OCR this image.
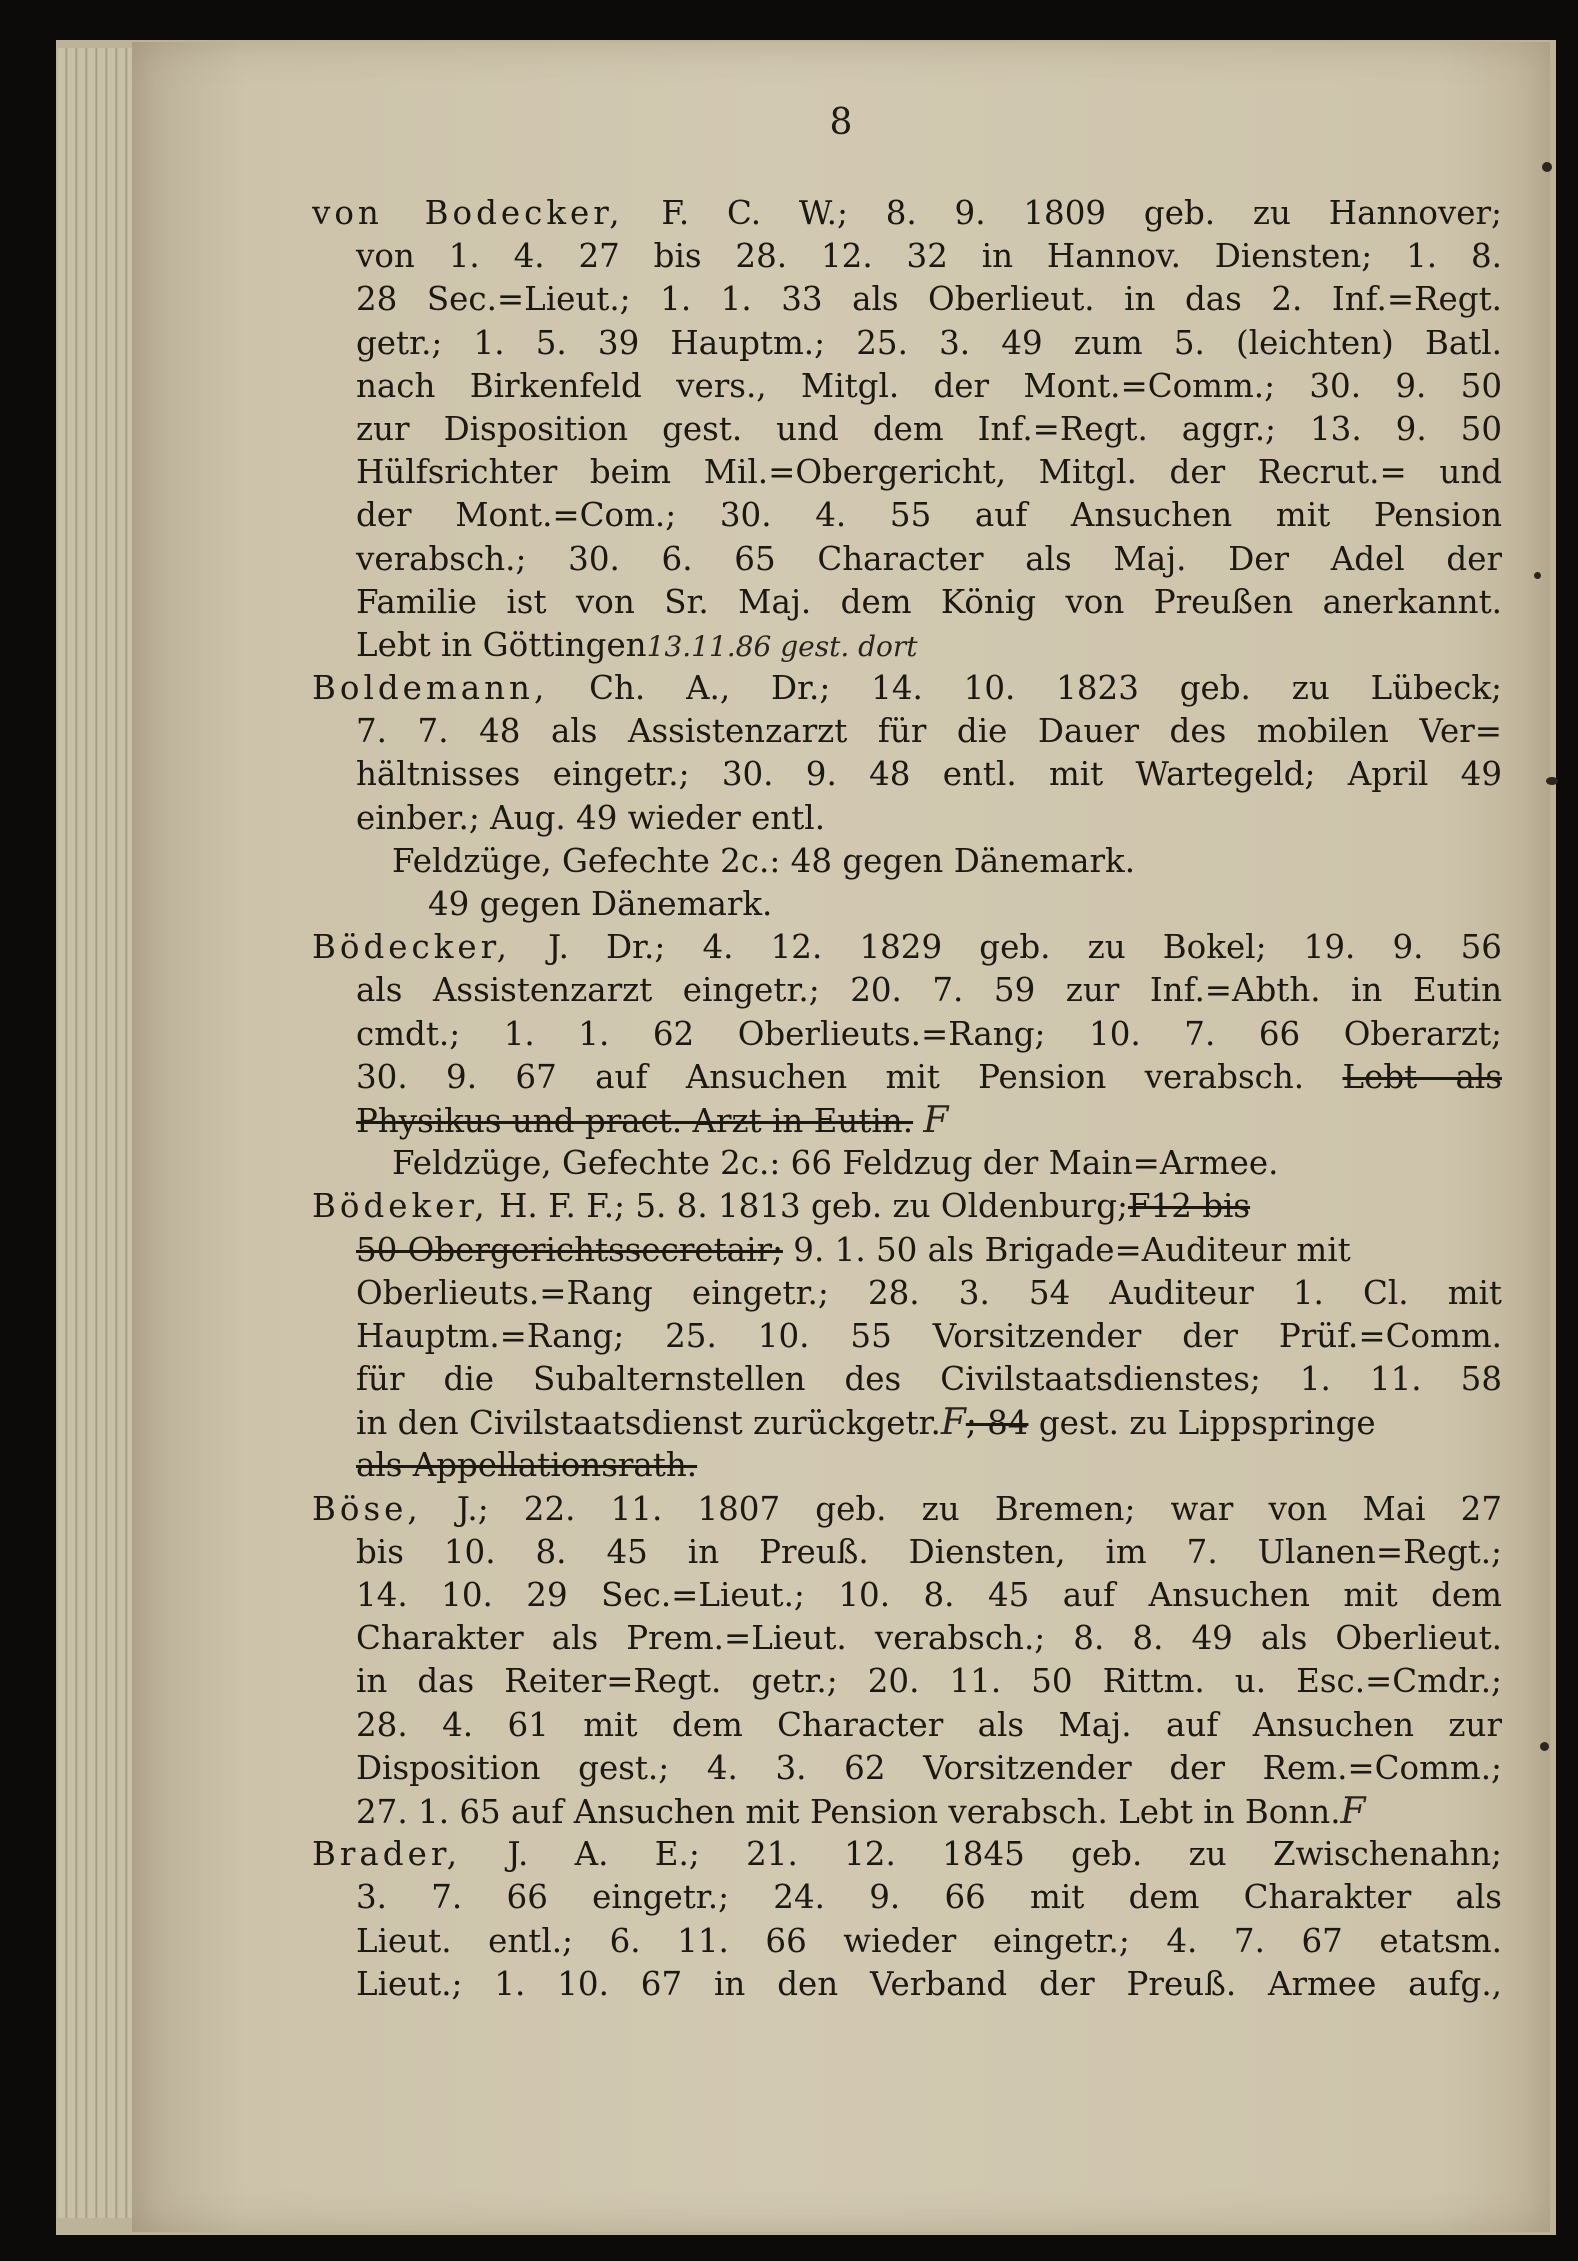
8
von Bodecker, F. C. W.; 8. 9. 1809 geb. zu Hannover;
von 1. 4. 27 bis 28. 12. 32 in Hannov. Diensten; 1. 8.
28 Sec.=Lieut.; 1. 1. 33 als Oberlieut. in das 2. Inf.=Regt.
getr.; 1. 5. 39 Hauptm.; 25. 3. 49 zum 5. (leichten) Batl.
nach Birkenfeld vers., Mitgl. der Mont.=Comm.; 30. 9. 50
zur Disposition gest. und dem Inf.=Regt. aggr.; 13. 9. 50
Hülfsrichter beim Mil.=Obergericht, Mitgl. der Recrut.= und
der Mont.=Com.; 30. 4. 55 auf Ansuchen mit Pension
verabsch.; 30. 6. 65 Character als Maj. Der Adel der
Familie ist von Sr. Maj. dem König von Preußen anerkannt.
Lebt in Göttingen13.11.86 gest. dort
Boldemann, Ch. A., Dr.; 14. 10. 1823 geb. zu Lübeck;
7. 7. 48 als Assistenzarzt für die Dauer des mobilen Ver=
hältnisses eingetr.; 30. 9. 48 entl. mit Wartegeld; April 49
einber.; Aug. 49 wieder entl.
Feldzüge, Gefechte 2c.: 48 gegen Dänemark.
49 gegen Dänemark.
Bödecker, J. Dr.; 4. 12. 1829 geb. zu Bokel; 19. 9. 56
als Assistenzarzt eingetr.; 20. 7. 59 zur Inf.=Abth. in Eutin
cmdt.; 1. 1. 62 Oberlieuts.=Rang; 10. 7. 66 Oberarzt;
30. 9. 67 auf Ansuchen mit Pension verabsch. Lebt als
Physikus und pract. Arzt in Eutin. F
Feldzüge, Gefechte 2c.: 66 Feldzug der Main=Armee.
Bödeker, H. F. F.; 5. 8. 1813 geb. zu Oldenburg;F12 bis
50 Obergerichtssecretair; 9. 1. 50 als Brigade=Auditeur mit
Oberlieuts.=Rang eingetr.; 28. 3. 54 Auditeur 1. Cl. mit
Hauptm.=Rang; 25. 10. 55 Vorsitzender der Prüf.=Comm.
für die Subalternstellen des Civilstaatsdienstes; 1. 11. 58
in den Civilstaatsdienst zurückgetr.F; 84 gest. zu Lippspringe
als Appellationsrath.
Böse, J.; 22. 11. 1807 geb. zu Bremen; war von Mai 27
bis 10. 8. 45 in Preuß. Diensten, im 7. Ulanen=Regt.;
14. 10. 29 Sec.=Lieut.; 10. 8. 45 auf Ansuchen mit dem
Charakter als Prem.=Lieut. verabsch.; 8. 8. 49 als Oberlieut.
in das Reiter=Regt. getr.; 20. 11. 50 Rittm. u. Esc.=Cmdr.;
28. 4. 61 mit dem Character als Maj. auf Ansuchen zur
Disposition gest.; 4. 3. 62 Vorsitzender der Rem.=Comm.;
27. 1. 65 auf Ansuchen mit Pension verabsch. Lebt in Bonn.F
Brader, J. A. E.; 21. 12. 1845 geb. zu Zwischenahn;
3. 7. 66 eingetr.; 24. 9. 66 mit dem Charakter als
Lieut. entl.; 6. 11. 66 wieder eingetr.; 4. 7. 67 etatsm.
Lieut.; 1. 10. 67 in den Verband der Preuß. Armee aufg.,
